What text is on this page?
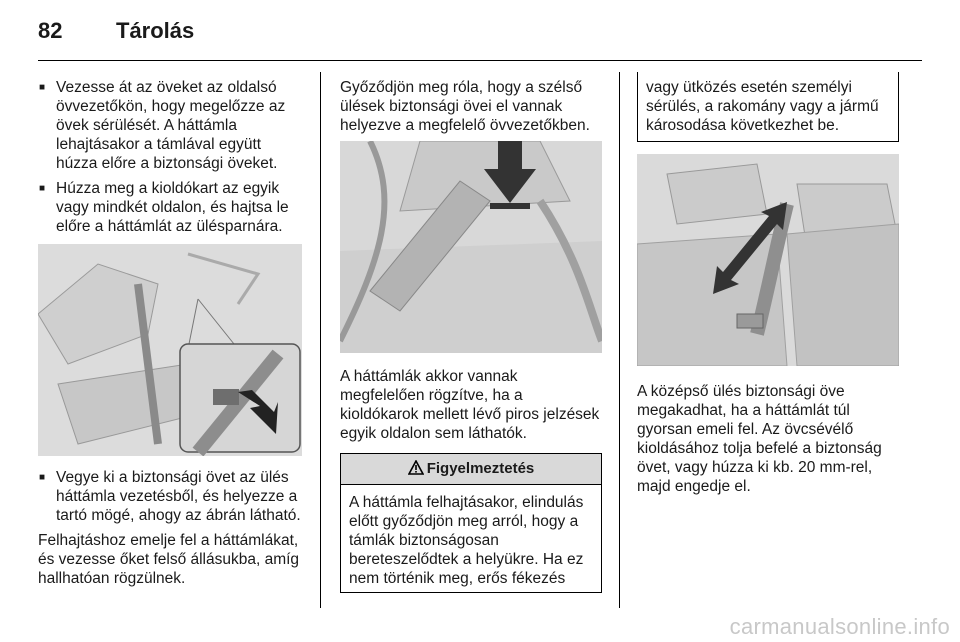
82 Tárolás
■ Vezesse át az öveket az oldalsó övvezetőkön, hogy megelőzze az övek sérülését. A háttámla lehajtásakor a támlával együtt húzza előre a biztonsági öveket.
■ Húzza meg a kioldókart az egyik vagy mindkét oldalon, és hajtsa le előre a háttámlát az ülésparnára.
■ Vegye ki a biztonsági övet az ülés háttámla vezetésből, és helyezze a tartó mögé, ahogy az ábrán látható.

Felhajtáshoz emelje fel a háttámlákat, és vezesse őket felső állásukba, amíg hallhatóan rögzülnek.

Győződjön meg róla, hogy a szélső ülések biztonsági övei el vannak helyezve a megfelelő övvezetőkben.

A háttámlák akkor vannak megfelelően rögzítve, ha a kioldókarok mellett lévő piros jelzések egyik oldalon sem láthatók.

Figyelmeztetés
A háttámla felhajtásakor, elindulás előtt győződjön meg arról, hogy a támlák biztonságosan bereteszelődtek a helyükre. Ha ez nem történik meg, erős fékezés
vagy ütközés esetén személyi sérülés, a rakomány vagy a jármű károsodása következhet be.

A középső ülés biztonsági öve megakadhat, ha a háttámlát túl gyorsan emeli fel. Az övcsévélő kioldásához tolja befelé a biztonság övet, vagy húzza ki kb. 20 mm-rel, majd engedje el.

carmanualsonline.info
